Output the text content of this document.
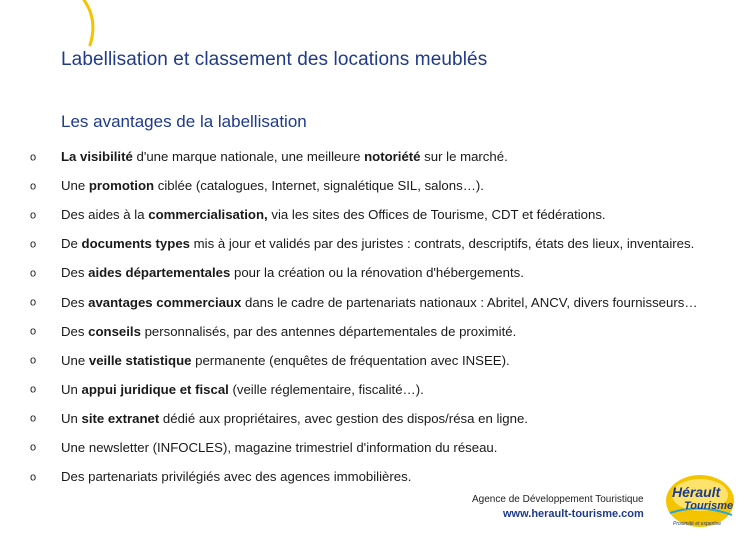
Labellisation et classement des locations meublés
Les avantages de la labellisation
o La visibilité d'une marque nationale, une meilleure notoriété sur le marché.
o Une promotion ciblée (catalogues, Internet, signalétique SIL, salons…).
o Des aides à la commercialisation, via les sites des Offices de Tourisme, CDT et fédérations.
o De documents types mis à jour et validés par des juristes : contrats, descriptifs, états des lieux, inventaires.
o Des aides départementales pour la création ou la rénovation d'hébergements.
o Des avantages commerciaux dans le cadre de partenariats nationaux : Abritel, ANCV, divers fournisseurs…
o Des conseils personnalisés, par des antennes départementales de proximité.
o Une veille statistique permanente (enquêtes de fréquentation avec INSEE).
o Un appui juridique et fiscal (veille réglementaire, fiscalité…).
o Un site extranet dédié aux propriétaires, avec gestion des dispos/résa en ligne.
o Une newsletter (INFOCLES), magazine trimestriel d'information du réseau.
o Des partenariats privilégiés avec des agences immobilières.
Agence de Développement Touristique
www.herault-tourisme.com
Hérault
Tourisme
Proximité et expertise
